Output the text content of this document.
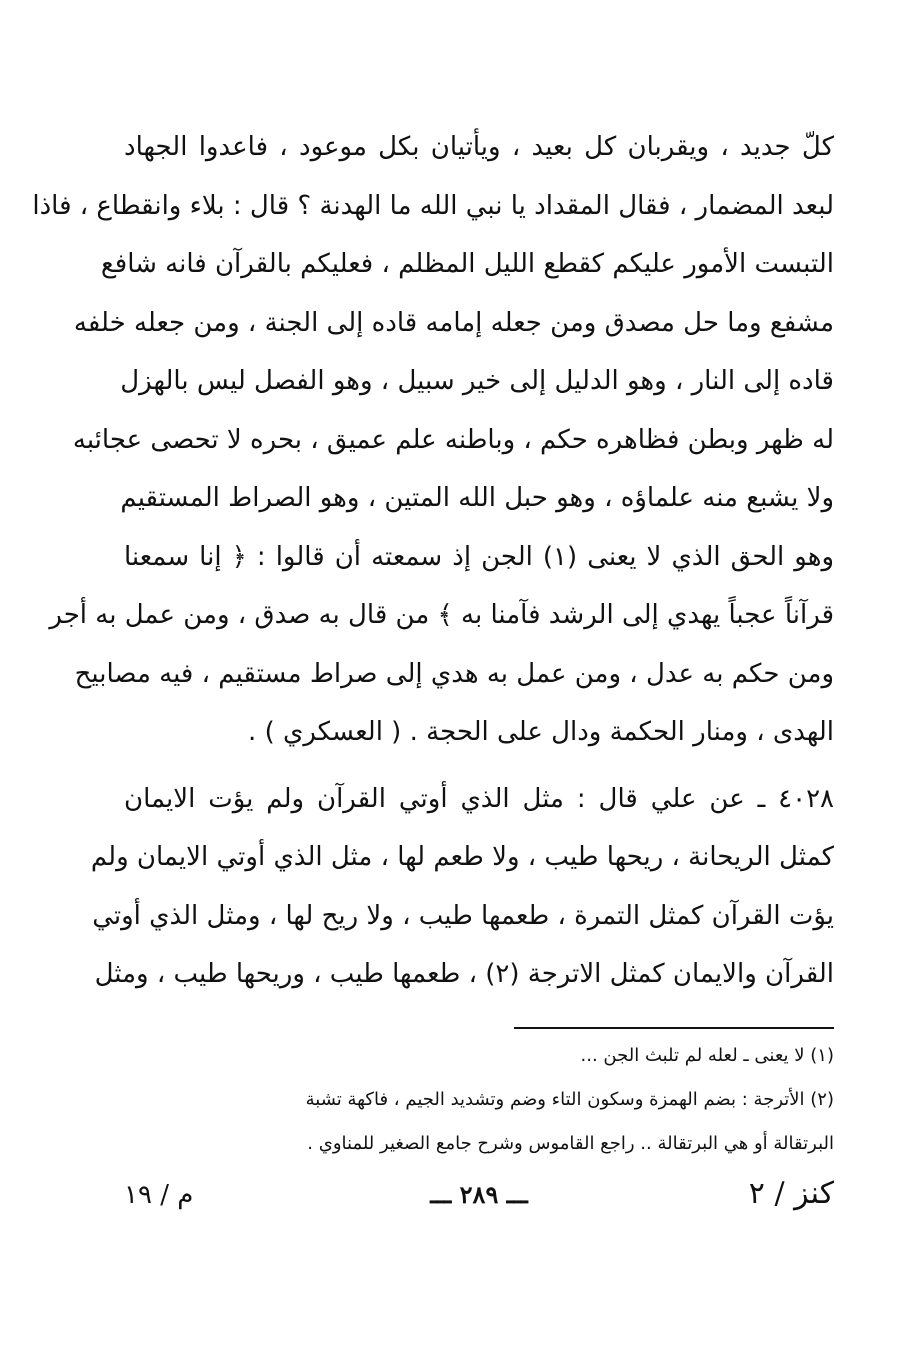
كلّ جديد ، ويقربان كل بعيد ، ويأتيان بكل موعود ، فاعدوا الجهاد
لبعد المضمار ، فقال المقداد يا نبي الله ما الهدنة ؟ قال : بلاء وانقطاع ، فاذا
التبست الأمور عليكم كقطع الليل المظلم ، فعليكم بالقرآن فانه شافع
مشفع وما حل مصدق ومن جعله إمامه قاده إلى الجنة ، ومن جعله خلفه
قاده إلى النار ، وهو الدليل إلى خير سبيل ، وهو الفصل ليس بالهزل
له ظهر وبطن فظاهره حكم ، وباطنه علم عميق ، بحره لا تحصى عجائبه
ولا يشبع منه علماؤه ، وهو حبل الله المتين ، وهو الصراط المستقيم
وهو الحق الذي لا يعنى (١) الجن إذ سمعته أن قالوا : ﴿ إنا سمعنا
قرآناً عجباً يهدي إلى الرشد فآمنا به ﴾ من قال به صدق ، ومن عمل به أجر
ومن حكم به عدل ، ومن عمل به هدي إلى صراط مستقيم ، فيه مصابيح
الهدى ، ومنار الحكمة ودال على الحجة . ( العسكري ) .
٤٠٢٨ ـ عن علي قال : مثل الذي أوتي القرآن ولم يؤت الايمان
كمثل الريحانة ، ريحها طيب ، ولا طعم لها ، مثل الذي أوتي الايمان ولم
يؤت القرآن كمثل التمرة ، طعمها طيب ، ولا ريح لها ، ومثل الذي أوتي
القرآن والايمان كمثل الاترجة (٢) ، طعمها طيب ، وريحها طيب ، ومثل
(١) لا يعنى ـ لعله لم تلبث الجن ...
(٢) الأترجة : بضم الهمزة وسكون التاء وضم وتشديد الجيم ، فاكهة تشبة
البرتقالة أو هي البرتقالة .. راجع القاموس وشرح جامع الصغير للمناوي .
م / ١٩	ـــ ٢٨٩ ـــ	كنز / ٢
